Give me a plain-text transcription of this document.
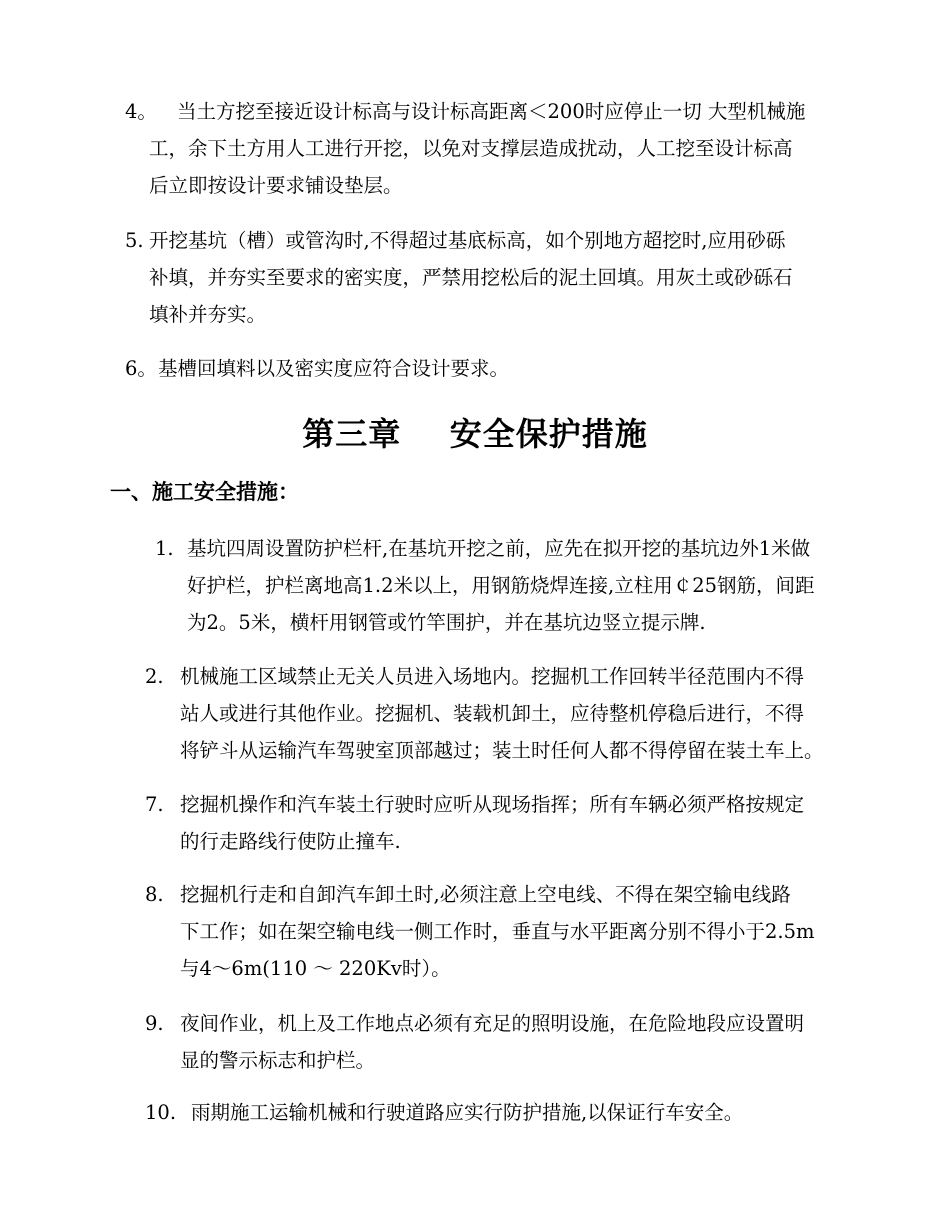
4。	当土方挖至接近设计标高与设计标高距离＜200时应停止一切 大型机械施
工，余下土方用人工进行开挖，以免对支撑层造成扰动，人工挖至设计标高
后立即按设计要求铺设垫层。
5. 开挖基坑（槽）或管沟时,不得超过基底标高，如个别地方超挖时,应用砂砾
补填，并夯实至要求的密实度，严禁用挖松后的泥土回填。用灰土或砂砾石
填补并夯实。
6。 基槽回填料以及密实度应符合设计要求。
第三章    安全保护措施
一、施工安全措施：
1. 基坑四周设置防护栏杆,在基坑开挖之前，应先在拟开挖的基坑边外1米做
好护栏，护栏离地高1.2米以上，用钢筋烧焊连接,立柱用￠25钢筋，间距
为2。5米，横杆用钢管或竹竿围护，并在基坑边竖立提示牌.
2. 机械施工区域禁止无关人员进入场地内。挖掘机工作回转半径范围内不得
站人或进行其他作业。挖掘机、装载机卸土，应待整机停稳后进行，不得
将铲斗从运输汽车驾驶室顶部越过；装土时任何人都不得停留在装土车上。
7. 挖掘机操作和汽车装土行驶时应听从现场指挥；所有车辆必须严格按规定
的行走路线行使防止撞车.
8. 挖掘机行走和自卸汽车卸土时,必须注意上空电线、不得在架空输电线路
下工作；如在架空输电线一侧工作时，垂直与水平距离分别不得小于2.5m
与4～6m(110 ～ 220Kv时）。
9. 夜间作业，机上及工作地点必须有充足的照明设施，在危险地段应设置明
显的警示标志和护栏。
10. 雨期施工运输机械和行驶道路应实行防护措施,以保证行车安全。
